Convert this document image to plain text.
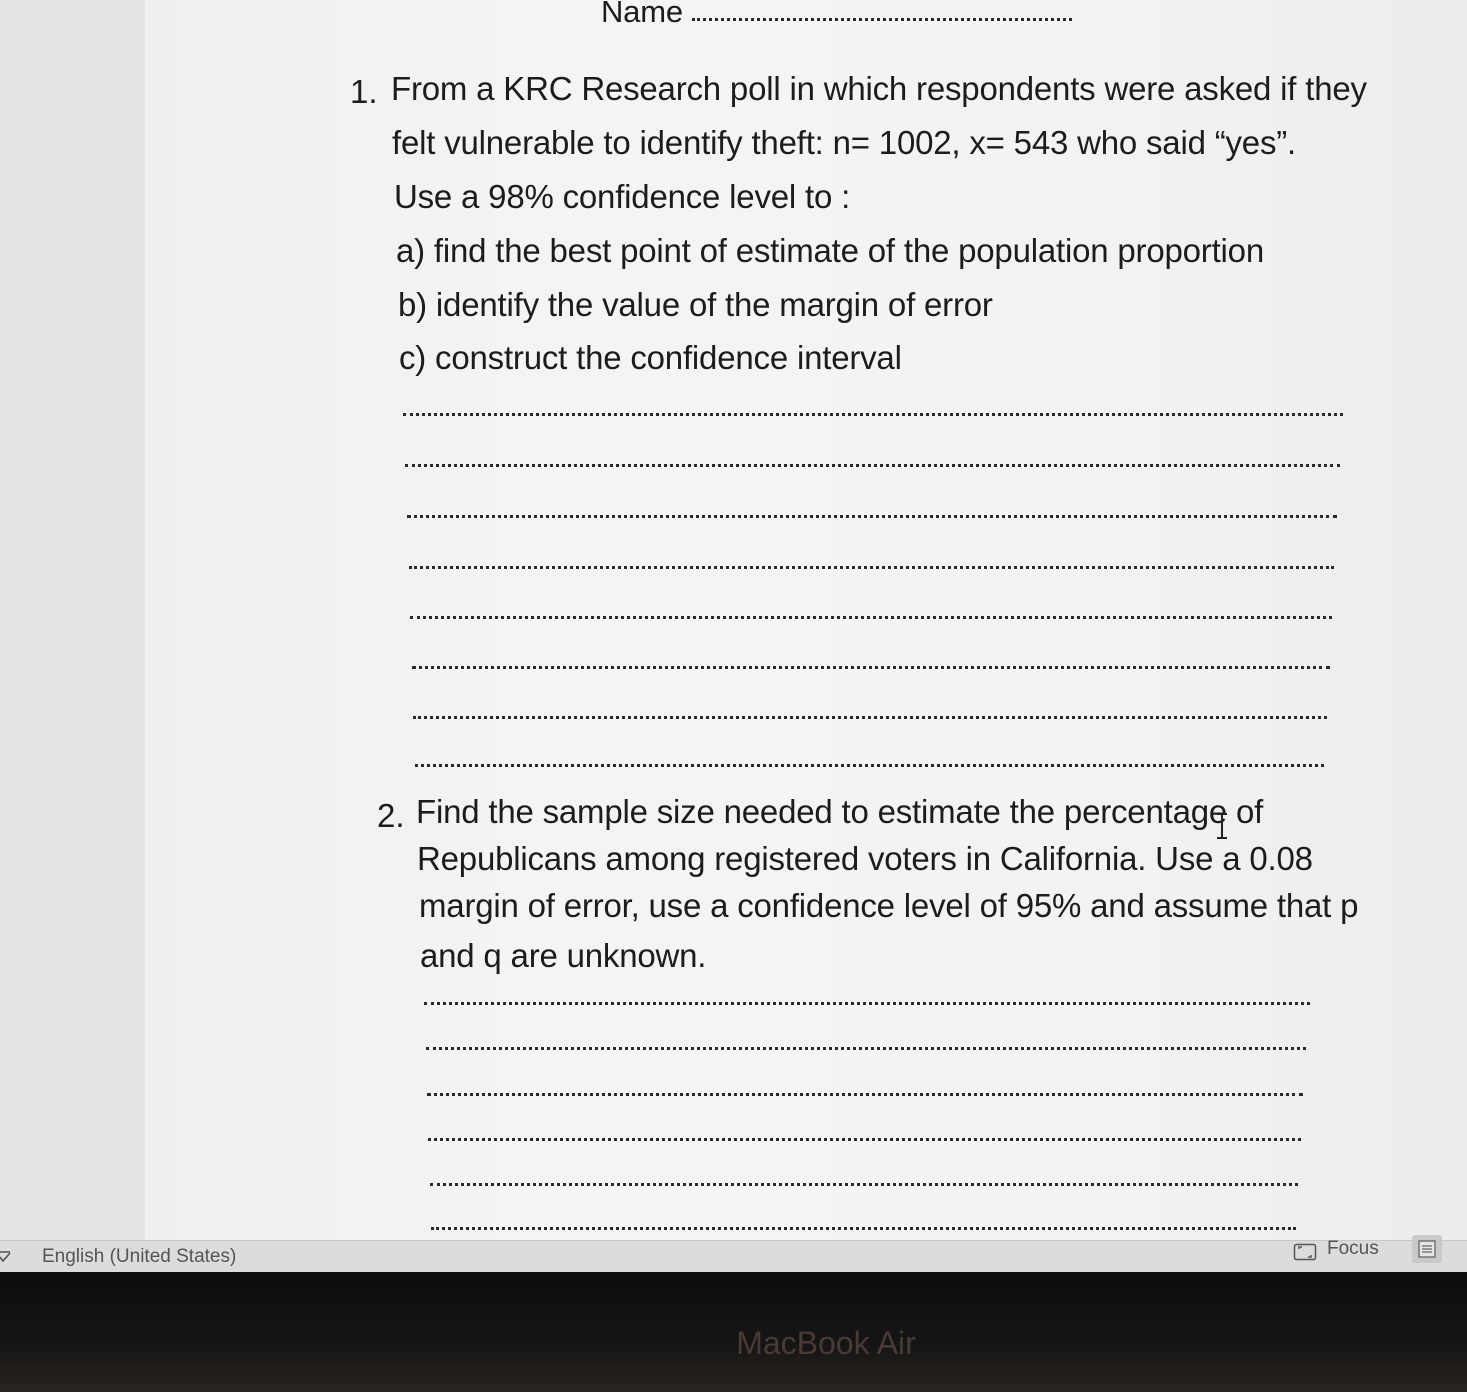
Name
1. From a KRC Research poll in which respondents were asked if they
felt vulnerable to identify theft: n= 1002, x= 543 who said “yes”.
Use a 98% confidence level to :
a) find the best point of estimate of the population proportion
b) identify the value of the margin of error
c) construct the confidence interval
2. Find the sample size needed to estimate the percentage of
Republicans among registered voters in California. Use a 0.08
margin of error, use a confidence level of 95% and assume that p
and q are unknown.
English (United States)	Focus
MacBook Air
